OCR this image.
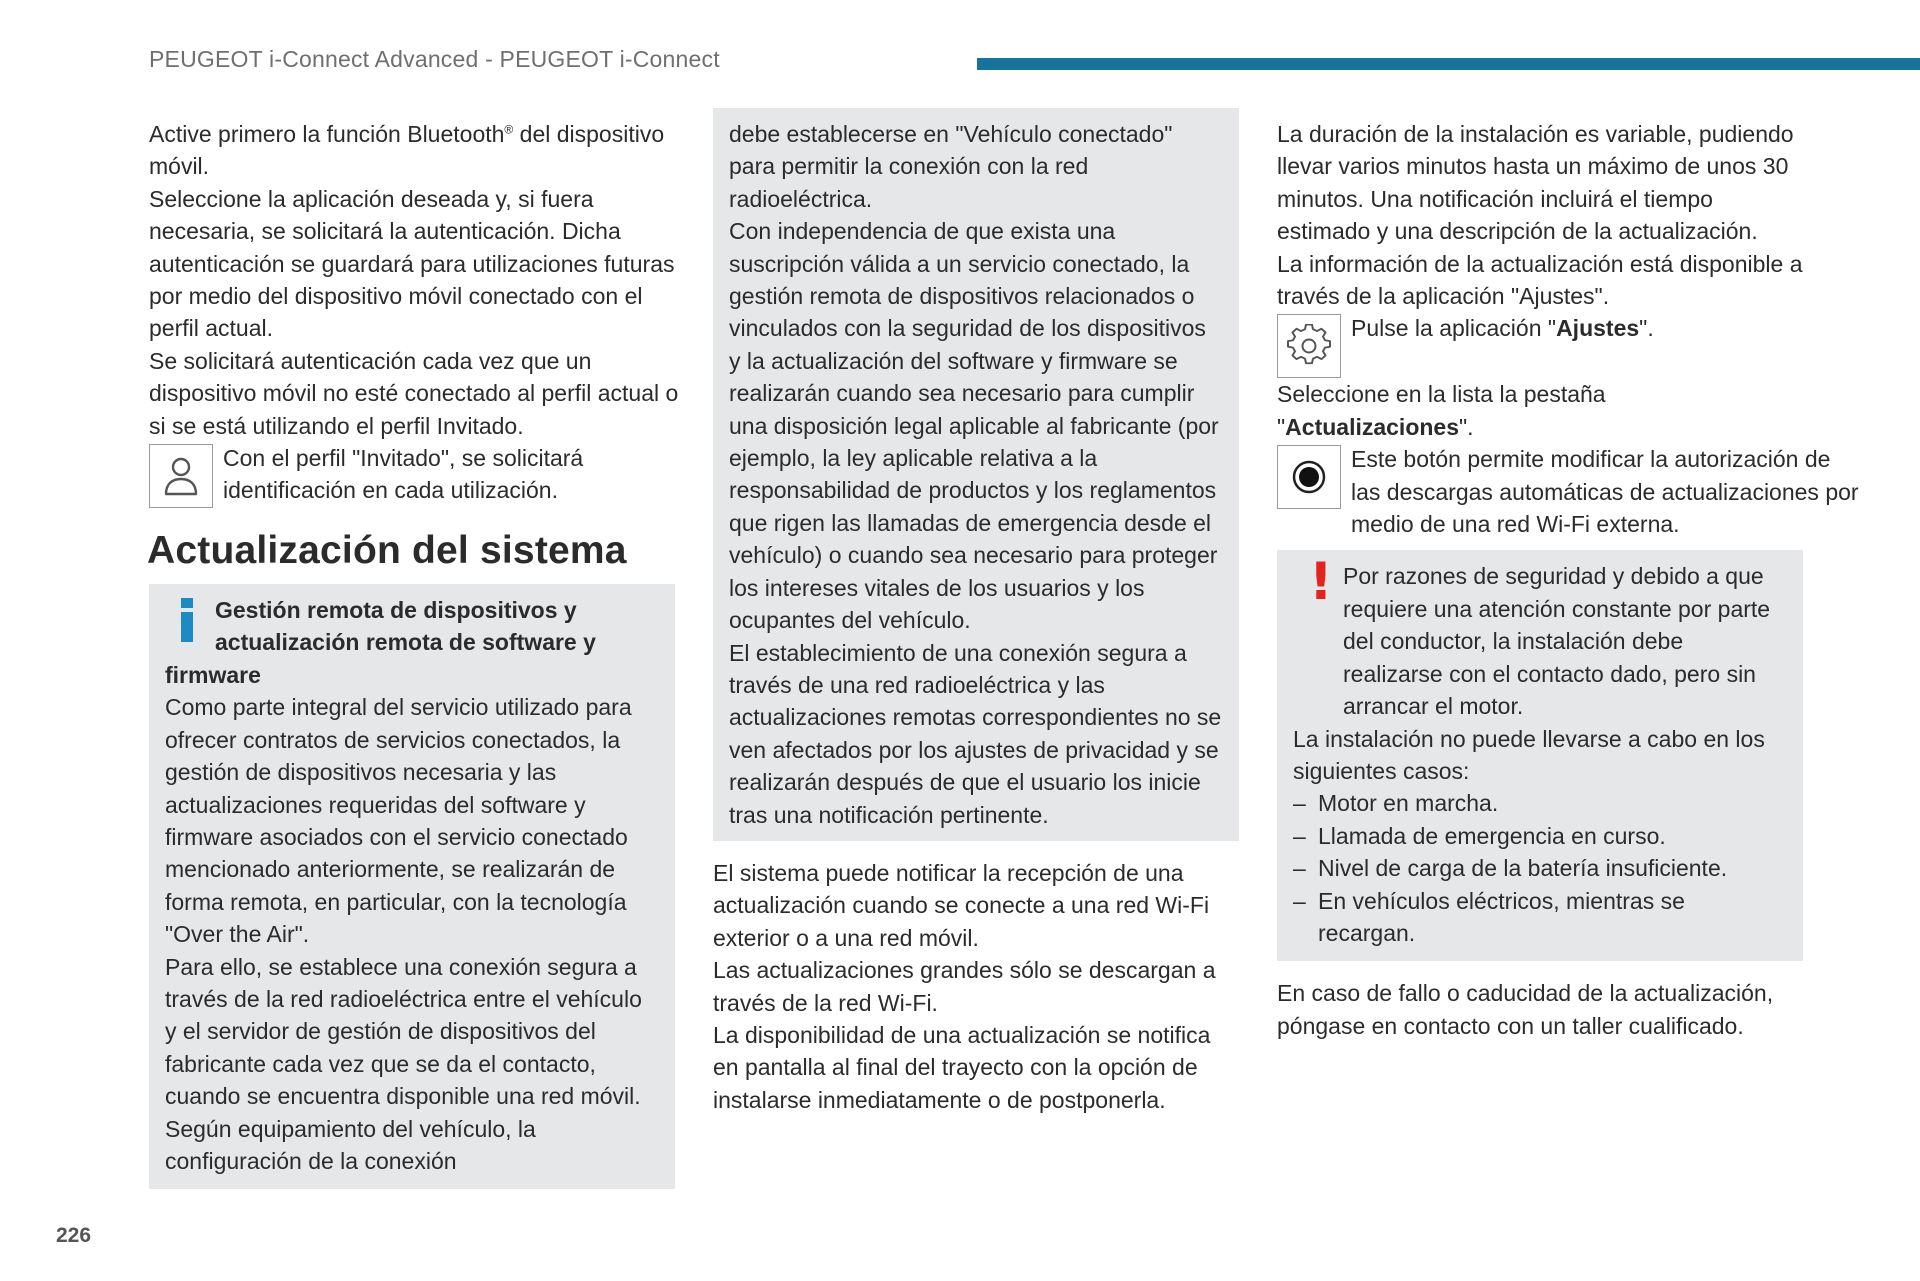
PEUGEOT i-Connect Advanced - PEUGEOT i-Connect

Active primero la función Bluetooth® del dispositivo móvil.

Seleccione la aplicación deseada y, si fuera necesaria, se solicitará la autenticación. Dicha autenticación se guardará para utilizaciones futuras por medio del dispositivo móvil conectado con el perfil actual.

Se solicitará autenticación cada vez que un dispositivo móvil no esté conectado al perfil actual o si se está utilizando el perfil Invitado.

Con el perfil "Invitado", se solicitará identificación en cada utilización.

Actualización del sistema
Gestión remota de dispositivos y actualización remota de software y

firmware

Como parte integral del servicio utilizado para ofrecer contratos de servicios conectados, la gestión de dispositivos necesaria y las actualizaciones requeridas del software y firmware asociados con el servicio conectado mencionado anteriormente, se realizarán de forma remota, en particular, con la tecnología "Over the Air".

Para ello, se establece una conexión segura a través de la red radioeléctrica entre el vehículo y el servidor de gestión de dispositivos del fabricante cada vez que se da el contacto, cuando se encuentra disponible una red móvil. Según equipamiento del vehículo, la configuración de la conexión

debe establecerse en "Vehículo conectado" para permitir la conexión con la red radioeléctrica.

Con independencia de que exista una suscripción válida a un servicio conectado, la gestión remota de dispositivos relacionados o vinculados con la seguridad de los dispositivos y la actualización del software y firmware se realizarán cuando sea necesario para cumplir una disposición legal aplicable al fabricante (por ejemplo, la ley aplicable relativa a la responsabilidad de productos y los reglamentos que rigen las llamadas de emergencia desde el vehículo) o cuando sea necesario para proteger los intereses vitales de los usuarios y los ocupantes del vehículo.

El establecimiento de una conexión segura a través de una red radioeléctrica y las actualizaciones remotas correspondientes no se ven afectados por los ajustes de privacidad y se realizarán después de que el usuario los inicie tras una notificación pertinente.

El sistema puede notificar la recepción de una actualización cuando se conecte a una red Wi-Fi exterior o a una red móvil.

Las actualizaciones grandes sólo se descargan a través de la red Wi-Fi.

La disponibilidad de una actualización se notifica en pantalla al final del trayecto con la opción de instalarse inmediatamente o de postponerla.

La duración de la instalación es variable, pudiendo llevar varios minutos hasta un máximo de unos 30 minutos. Una notificación incluirá el tiempo estimado y una descripción de la actualización.

La información de la actualización está disponible a través de la aplicación "Ajustes".

Pulse la aplicación "Ajustes".

Seleccione en la lista la pestaña "Actualizaciones".

Este botón permite modificar la autorización de las descargas automáticas de actualizaciones por medio de una red Wi-Fi externa.

! Por razones de seguridad y debido a que requiere una atención constante por parte del conductor, la instalación debe realizarse con el contacto dado, pero sin arrancar el motor.

La instalación no puede llevarse a cabo en los siguientes casos:

– Motor en marcha.
– Llamada de emergencia en curso.
– Nivel de carga de la batería insuficiente.
– En vehículos eléctricos, mientras se recargan.

En caso de fallo o caducidad de la actualización, póngase en contacto con un taller cualificado.

226
